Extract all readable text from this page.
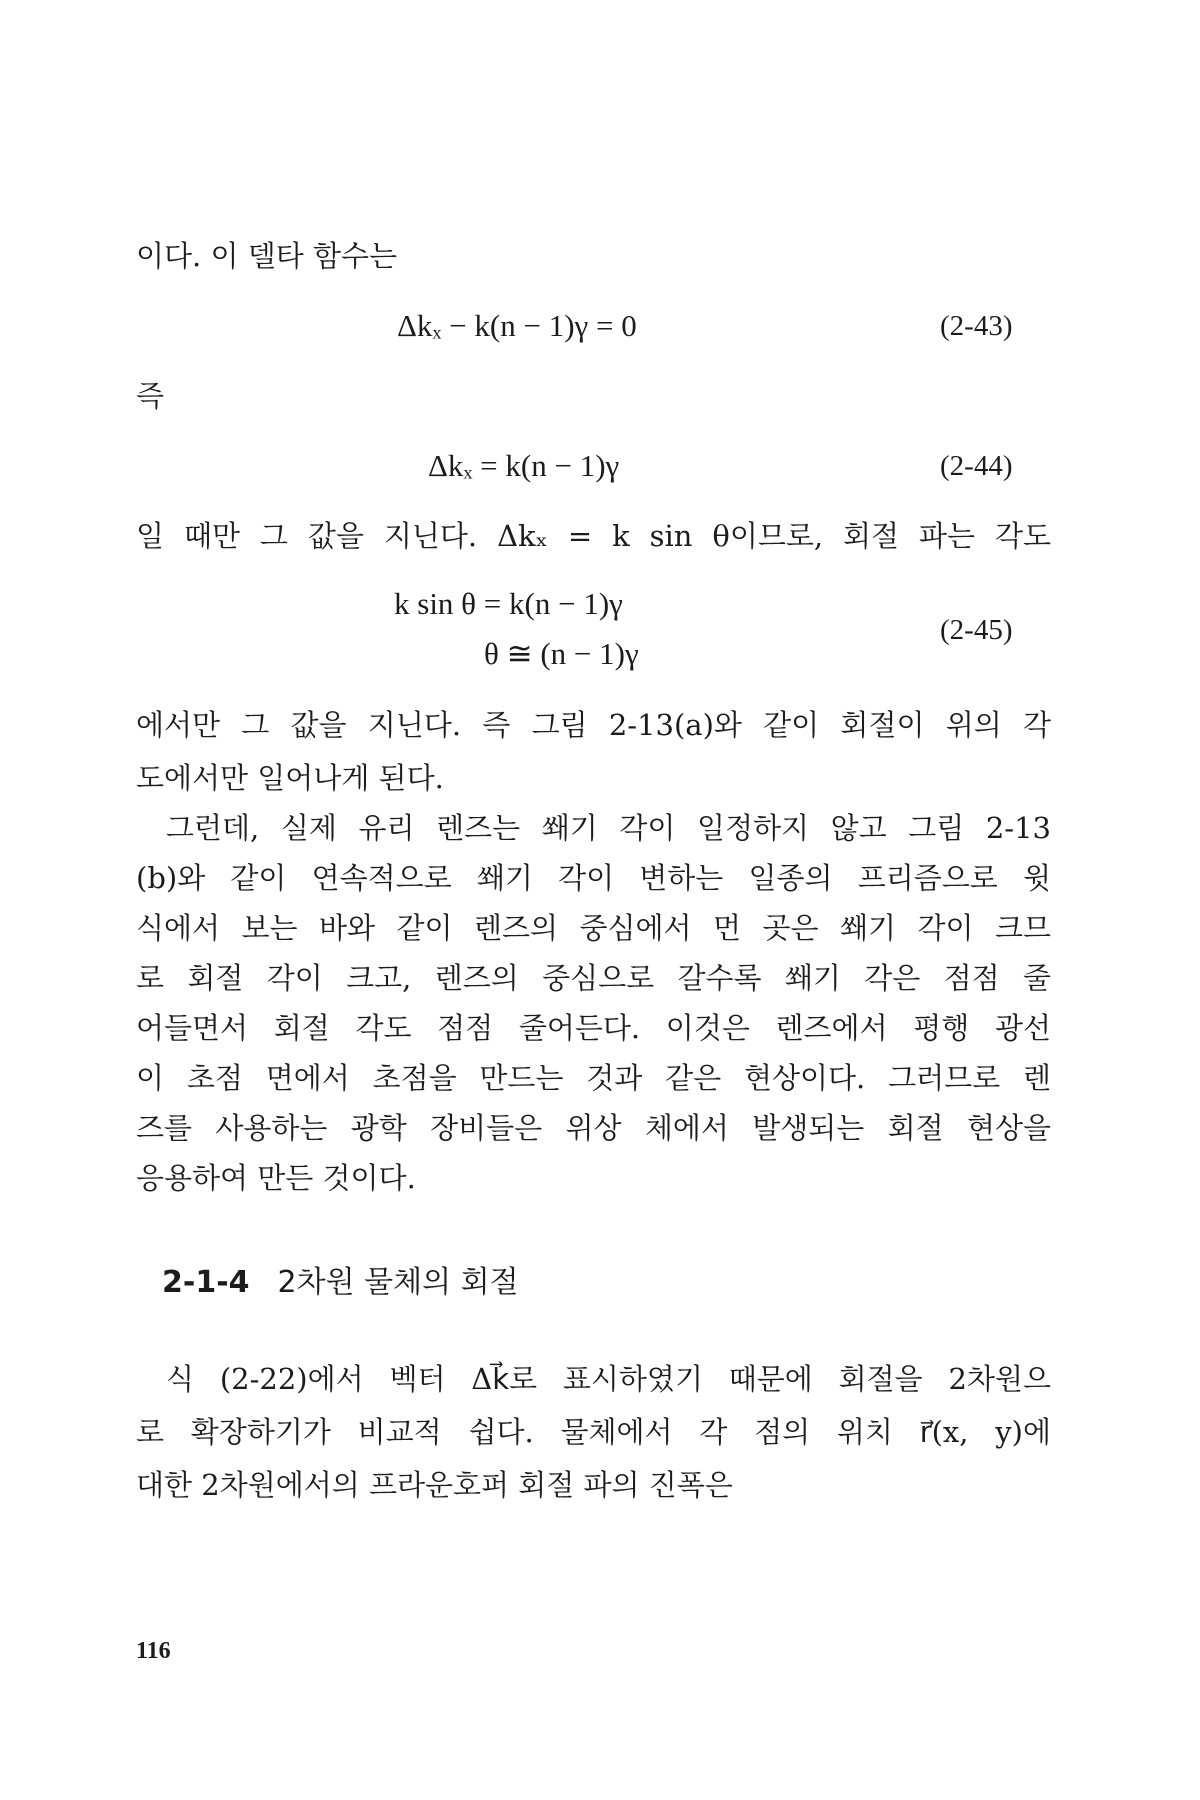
이다. 이 델타 함수는
Δkₓ − k(n − 1)γ = 0	(2-43)
즉
Δkₓ = k(n − 1)γ	(2-44)
일 때만 그 값을 지닌다. Δkₓ = k sin θ이므로, 회절 파는 각도
k sin θ = k(n − 1)γ
θ ≅ (n − 1)γ
(2-45)
에서만 그 값을 지닌다. 즉 그림 2-13(a)와 같이 회절이 위의 각
도에서만 일어나게 된다.
그런데, 실제 유리 렌즈는 쐐기 각이 일정하지 않고 그림 2-13
(b)와 같이 연속적으로 쐐기 각이 변하는 일종의 프리즘으로 윗
식에서 보는 바와 같이 렌즈의 중심에서 먼 곳은 쐐기 각이 크므
로 회절 각이 크고, 렌즈의 중심으로 갈수록 쐐기 각은 점점 줄
어들면서 회절 각도 점점 줄어든다. 이것은 렌즈에서 평행 광선
이 초점 면에서 초점을 만드는 것과 같은 현상이다. 그러므로 렌
즈를 사용하는 광학 장비들은 위상 체에서 발생되는 회절 현상을
응용하여 만든 것이다.
2-1-4 2차원 물체의 회절
식 (2-22)에서 벡터 Δk⃗로 표시하였기 때문에 회절을 2차원으
로 확장하기가 비교적 쉽다. 물체에서 각 점의 위치 r⃗(x, y)에
대한 2차원에서의 프라운호퍼 회절 파의 진폭은
116
